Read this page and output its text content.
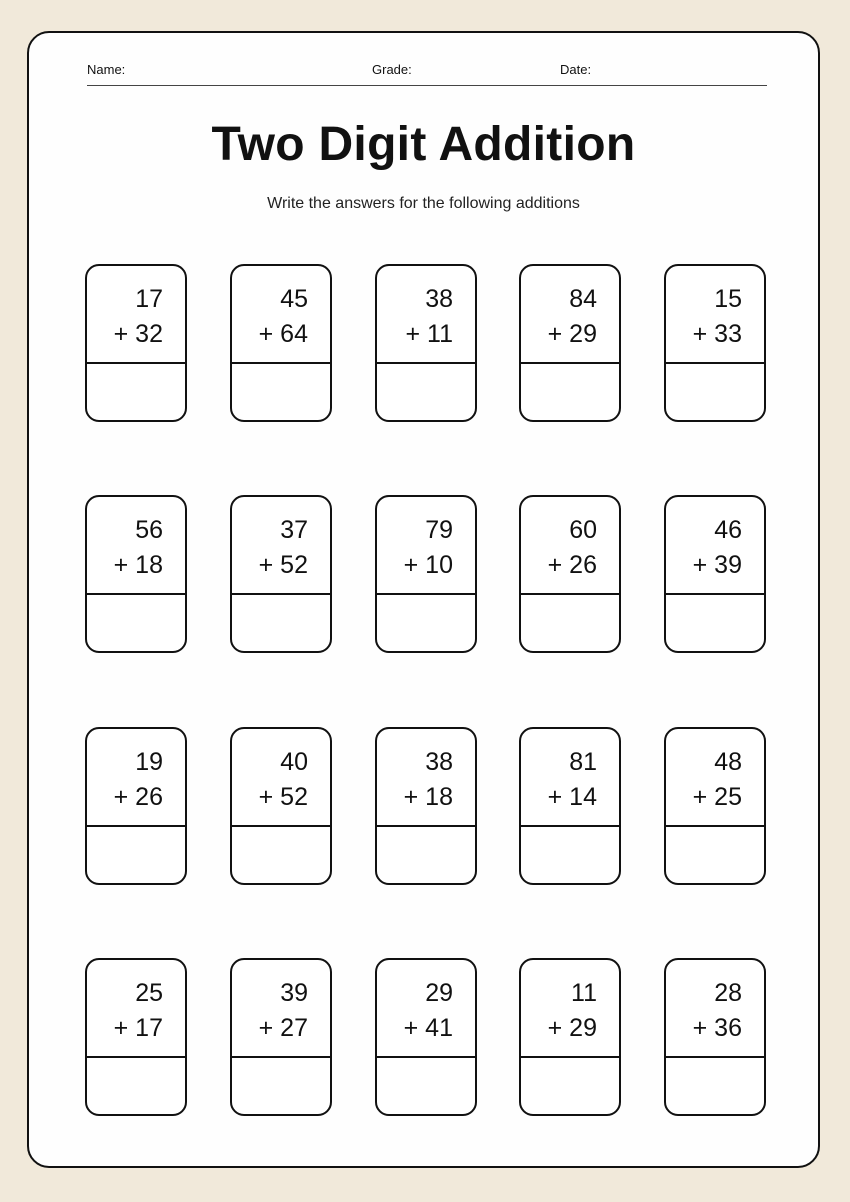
Name:	Grade:	Date:
Two Digit Addition
Write the answers for the following additions
17
+ 32
45
+ 64
38
+ 11
84
+ 29
15
+ 33
56
+ 18
37
+ 52
79
+ 10
60
+ 26
46
+ 39
19
+ 26
40
+ 52
38
+ 18
81
+ 14
48
+ 25
25
+ 17
39
+ 27
29
+ 41
11
+ 29
28
+ 36
